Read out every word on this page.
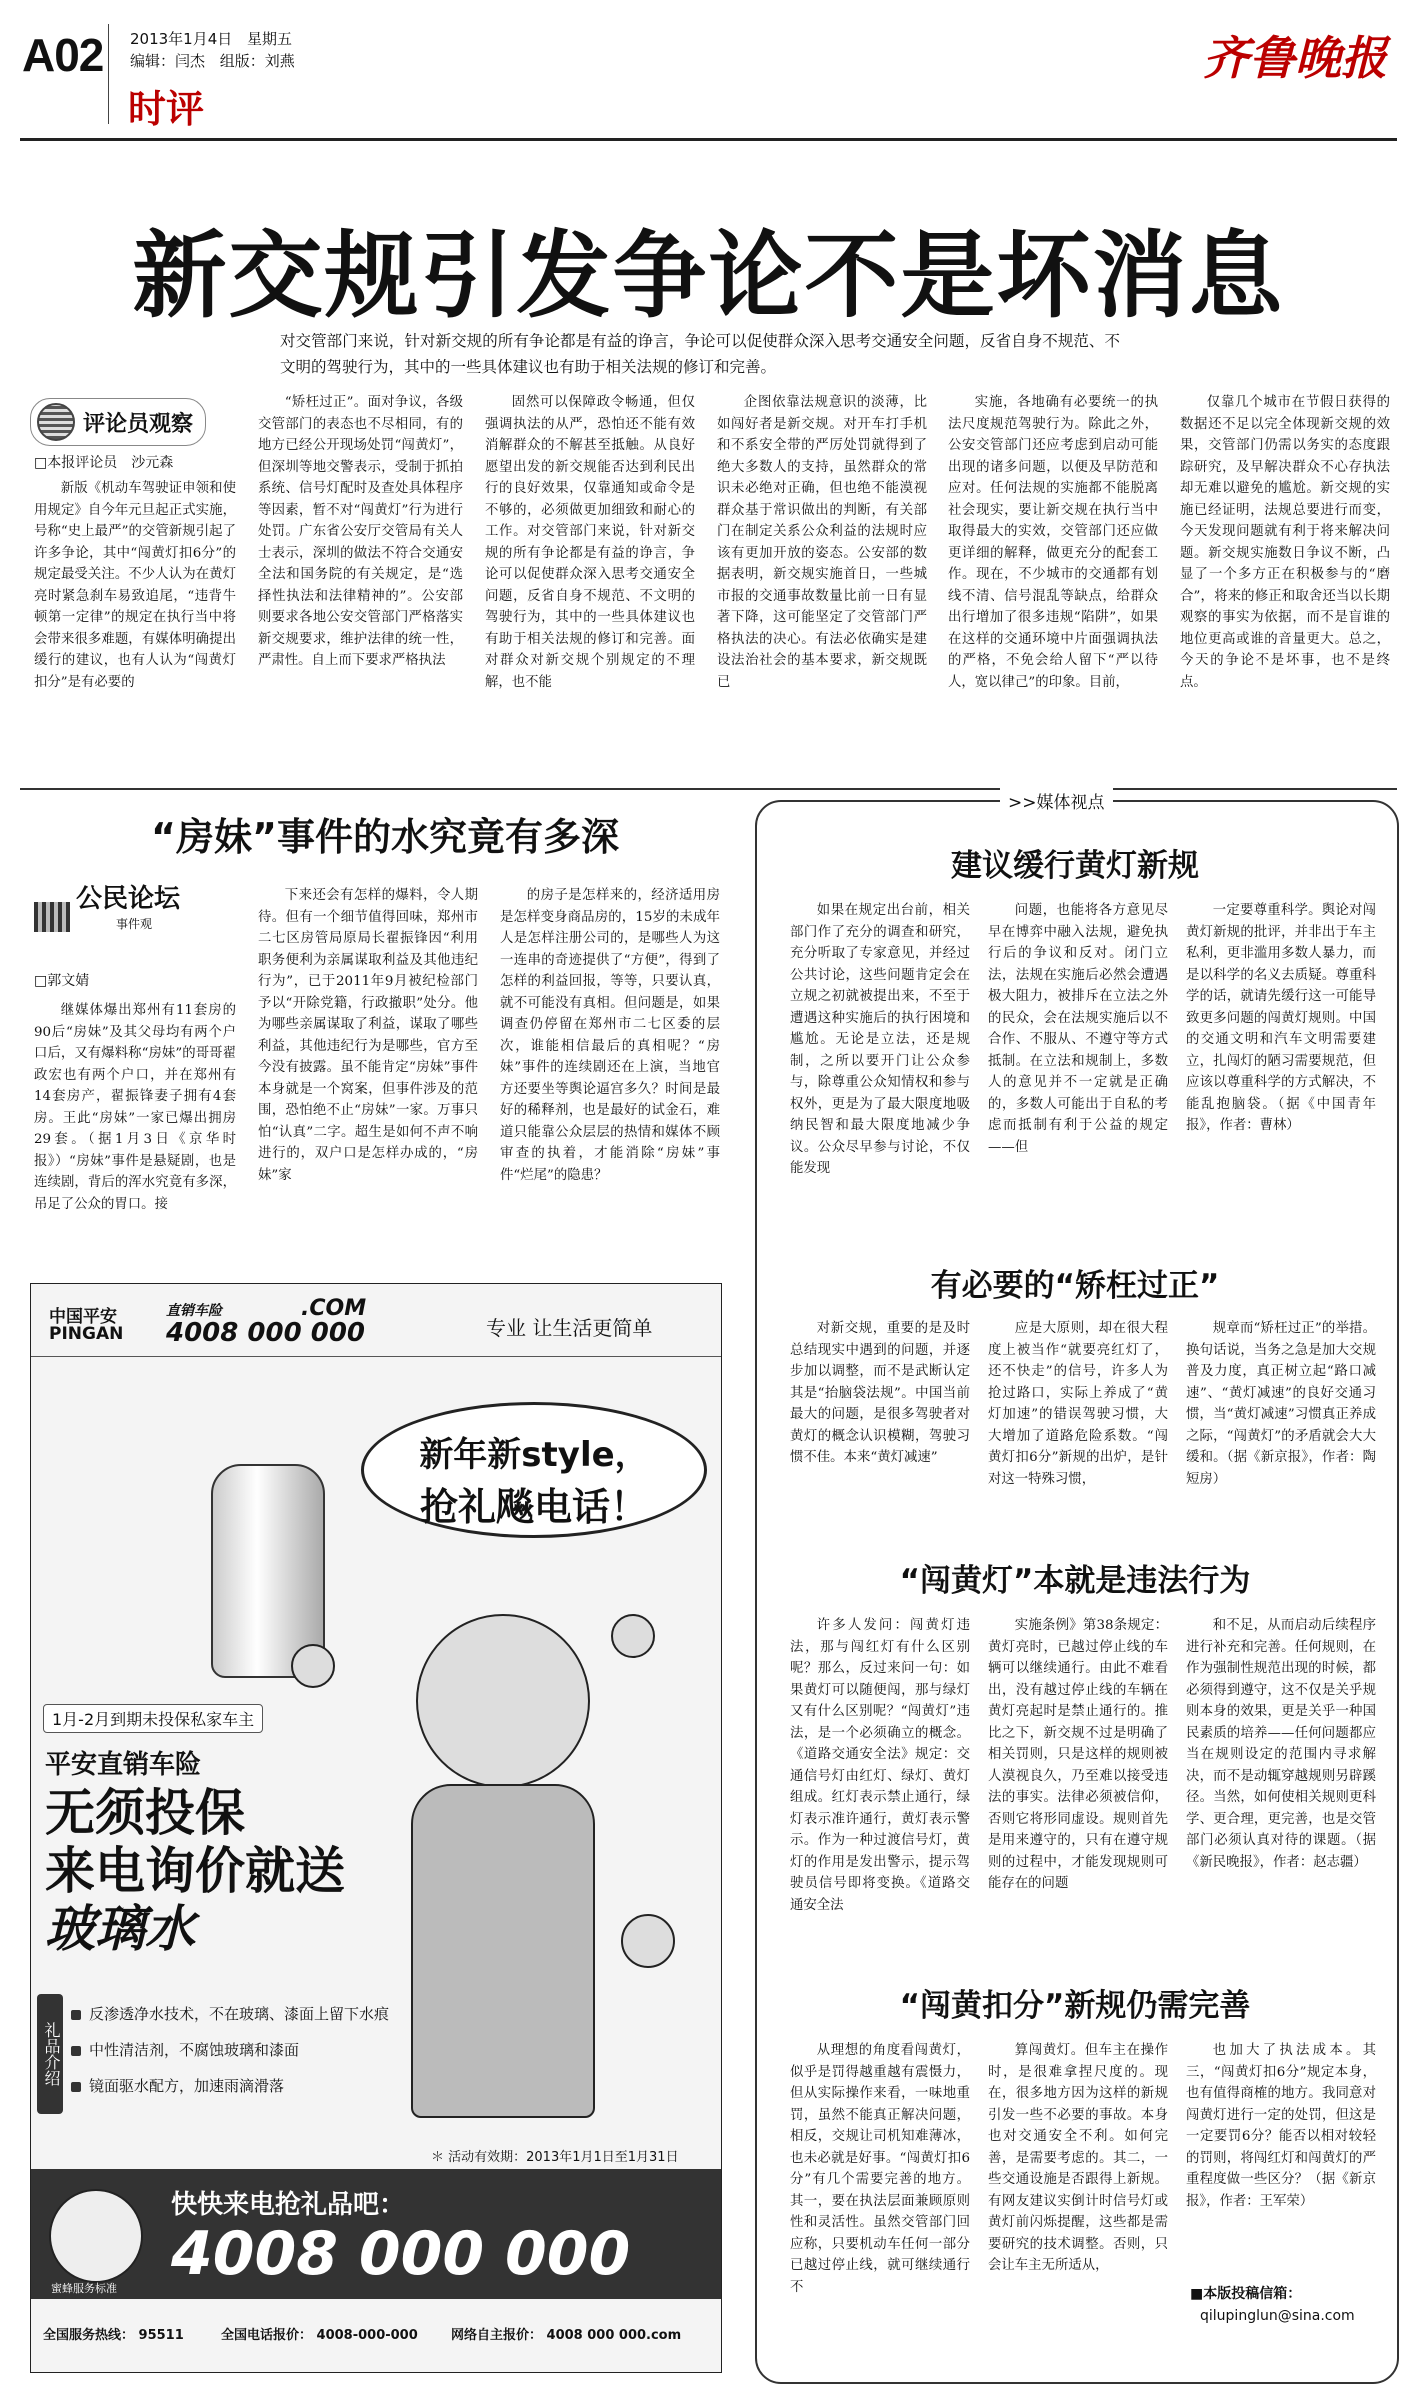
A02 2013年1月4日 星期五
编辑：闫杰 组版：刘燕
时评
齐鲁晚报
新交规引发争论不是坏消息
对交管部门来说，针对新交规的所有争论都是有益的诤言，争论可以促使群众深入思考交通安全问题，反省自身不规范、不文明的驾驶行为，其中的一些具体建议也有助于相关法规的修订和完善。
评论员观察
□本报评论员　沙元森

新版《机动车驾驶证申领和使用规定》自今年元旦起正式实施，号称“史上最严”的交管新规引起了许多争论，其中“闯黄灯扣6分”的规定最受关注。不少人认为在黄灯亮时紧急刹车易致追尾，“违背牛顿第一定律”的规定在执行当中将会带来很多难题，有媒体明确提出缓行的建议，也有人认为“闯黄灯扣分”是有必要的

“矫枉过正”。面对争议，各级交管部门的表态也不尽相同，有的地方已经公开现场处罚“闯黄灯”，但深圳等地交警表示，受制于抓拍系统、信号灯配时及查处具体程序等因素，暂不对“闯黄灯”行为进行处罚。广东省公安厅交管局有关人士表示，深圳的做法不符合交通安全法和国务院的有关规定，是“选择性执法和法律精神的”。公安部则要求各地公安交管部门严格落实新交规要求，维护法律的统一性，严肃性。自上而下要求严格执法

固然可以保障政令畅通，但仅强调执法的从严，恐怕还不能有效消解群众的不解甚至抵触。从良好愿望出发的新交规能否达到利民出行的良好效果，仅靠通知或命令是不够的，必须做更加细致和耐心的工作。对交管部门来说，针对新交规的所有争论都是有益的诤言，争论可以促使群众深入思考交通安全问题，反省自身不规范、不文明的驾驶行为，其中的一些具体建议也有助于相关法规的修订和完善。面对群众对新交规个别规定的不理解，也不能

企图依靠法规意识的淡薄，比如闯好者是新交规。对开车打手机和不系安全带的严厉处罚就得到了绝大多数人的支持，虽然群众的常识未必绝对正确，但也绝不能漠视群众基于常识做出的判断，有关部门在制定关系公众利益的法规时应该有更加开放的姿态。公安部的数据表明，新交规实施首日，一些城市报的交通事故数量比前一日有显著下降，这可能坚定了交管部门严格执法的决心。有法必依确实是建设法治社会的基本要求，新交规既已

实施，各地确有必要统一的执法尺度规范驾驶行为。除此之外，公安交管部门还应考虑到启动可能出现的诸多问题，以便及早防范和应对。任何法规的实施都不能脱离社会现实，要让新交规在执行当中取得最大的实效，交管部门还应做更详细的解释，做更充分的配套工作。现在，不少城市的交通都有划线不清、信号混乱等缺点，给群众出行增加了很多违规“陷阱”，如果在这样的交通环境中片面强调执法的严格，不免会给人留下“严以待人，宽以律己”的印象。目前，

仅靠几个城市在节假日获得的数据还不足以完全体现新交规的效果，交管部门仍需以务实的态度跟踪研究，及早解决群众不心存执法却无难以避免的尴尬。新交规的实施已经证明，法规总要进行而变，今天发现问题就有利于将来解决问题。新交规实施数日争议不断，凸显了一个多方正在积极参与的“磨合”，将来的修正和取舍还当以长期观察的事实为依据，而不是盲谁的地位更高或谁的音量更大。总之，今天的争论不是坏事，也不是终点。

“房妹”事件的水究竟有多深
公民论坛
事件观
□郭文婧

继媒体爆出郑州有11套房的90后“房妹”及其父母均有两个户口后，又有爆料称“房妹”的哥哥翟政宏也有两个户口，并在郑州有14套房产，翟振锋妻子拥有4套房。王此“房妹”一家已爆出拥房29套。（据1月3日《京华时报》）“房妹”事件是悬疑剧，也是连续剧，背后的浑水究竟有多深，吊足了公众的胃口。接

下来还会有怎样的爆料，令人期待。但有一个细节值得回味，郑州市二七区房管局原局长翟振锋因“利用职务便利为亲属谋取利益及其他违纪行为”，已于2011年9月被纪检部门予以“开除党籍，行政撤职”处分。他为哪些亲属谋取了利益，谋取了哪些利益，其他违纪行为是哪些，官方至今没有披露。虽不能肯定“房妹”事件本身就是一个窝案，但事件涉及的范围，恐怕绝不止“房妹”一家。万事只怕“认真”二字。超生是如何不声不响进行的，双户口是怎样办成的，“房妹”家

的房子是怎样来的，经济适用房是怎样变身商品房的，15岁的未成年人是怎样注册公司的，是哪些人为这一连串的奇迹提供了“方便”，得到了怎样的利益回报，等等，只要认真，就不可能没有真相。但问题是，如果调查仍停留在郑州市二七区委的层次，谁能相信最后的真相呢？“房妹”事件的连续剧还在上演，当地官方还要坐等舆论逼宫多久？时间是最好的稀释剂，也是最好的试金石，难道只能靠公众层层的热情和媒体不顾审查的执着，才能消除“房妹”事件“烂尾”的隐患？

>>媒体视点
建议缓行黄灯新规

如果在规定出台前，相关部门作了充分的调查和研究，充分听取了专家意见，并经过公共讨论，这些问题肯定会在立规之初就被提出来，不至于遭遇这种实施后的执行困境和尴尬。无论是立法，还是规制，之所以要开门让公众参与，除尊重公众知情权和参与权外，更是为了最大限度地吸纳民智和最大限度地减少争议。公众尽早参与讨论，不仅能发现

问题，也能将各方意见尽早在博弈中融入法规，避免执行后的争议和反对。闭门立法，法规在实施后必然会遭遇极大阻力，被排斥在立法之外的民众，会在法规实施后以不合作、不服从、不遵守等方式抵制。在立法和规制上，多数人的意见并不一定就是正确的，多数人可能出于自私的考虑而抵制有利于公益的规定——但

一定要尊重科学。舆论对闯黄灯新规的批评，并非出于车主私利，更非滥用多数人暴力，而是以科学的名义去质疑。尊重科学的话，就请先缓行这一可能导致更多问题的闯黄灯规则。中国的交通文明和汽车文明需要建立，扎闯灯的陋习需要规范，但应该以尊重科学的方式解决，不能乱抱脑袋。（据《中国青年报》，作者：曹林）

有必要的“矫枉过正”

对新交规，重要的是及时总结现实中遇到的问题，并逐步加以调整，而不是武断认定其是“抬脑袋法规”。中国当前最大的问题，是很多驾驶者对黄灯的概念认识模糊，驾驶习惯不佳。本来“黄灯减速”

应是大原则，却在很大程度上被当作“就要亮红灯了，还不快走”的信号，许多人为抢过路口，实际上养成了“黄灯加速”的错误驾驶习惯，大大增加了道路危险系数。“闯黄灯扣6分”新规的出炉，是针对这一特殊习惯，

规章而“矫枉过正”的举措。换句话说，当务之急是加大交规普及力度，真正树立起“路口减速”、“黄灯减速”的良好交通习惯，当“黄灯减速”习惯真正养成之际，“闯黄灯”的矛盾就会大大缓和。（据《新京报》，作者：陶短房）

“闯黄灯”本就是违法行为

许多人发问：闯黄灯违法，那与闯红灯有什么区别呢？那么，反过来问一句：如果黄灯可以随便闯，那与绿灯又有什么区别呢？“闯黄灯”违法，是一个必须确立的概念。《道路交通安全法》规定：交通信号灯由红灯、绿灯、黄灯组成。红灯表示禁止通行，绿灯表示准许通行，黄灯表示警示。作为一种过渡信号灯，黄灯的作用是发出警示，提示驾驶员信号即将变换。《道路交通安全法

实施条例》第38条规定：黄灯亮时，已越过停止线的车辆可以继续通行。由此不难看出，没有越过停止线的车辆在黄灯亮起时是禁止通行的。推比之下，新交规不过是明确了相关罚则，只是这样的规则被人漠视良久，乃至难以接受违法的事实。法律必须被信仰，否则它将形同虚设。规则首先是用来遵守的，只有在遵守规则的过程中，才能发现规则可能存在的问题

和不足，从而启动后续程序进行补充和完善。任何规则，在作为强制性规范出现的时候，都必须得到遵守，这不仅是关乎规则本身的效果，更是关乎一种国民素质的培养——任何问题都应当在规则设定的范围内寻求解决，而不是动辄穿越规则另辟蹊径。当然，如何使相关规则更科学、更合理，更完善，也是交管部门必须认真对待的课题。（据《新民晚报》，作者：赵志疆）

“闯黄扣分”新规仍需完善

从理想的角度看闯黄灯，似乎是罚得越重越有震慑力，但从实际操作来看，一味地重罚，虽然不能真正解决问题，相反，交规让司机知难薄冰，也未必就是好事。“闯黄灯扣6分”有几个需要完善的地方。其一，要在执法层面兼顾原则性和灵活性。虽然交管部门回应称，只要机动车任何一部分已越过停止线，就可继续通行不

算闯黄灯。但车主在操作时，是很难拿捏尺度的。现在，很多地方因为这样的新规引发一些不必要的事故。本身也对交通安全不利。如何完善，是需要考虑的。其二，一些交通设施是否跟得上新规。有网友建议实倒计时信号灯或黄灯前闪烁提醒，这些都是需要研究的技术调整。否则，只会让车主无所适从，

也加大了执法成本。其三，“闯黄灯扣6分”规定本身，也有值得商榷的地方。我同意对闯黄灯进行一定的处罚，但这是一定要罚6分？能否以相对较轻的罚则，将闯红灯和闯黄灯的严重程度做一些区分？（据《新京报》，作者：王军荣）

■本版投稿信箱：
qilupinglun@sina.com
中国平安
PINGAN
直销车险
4008 000 000
.COM
专业 让生活更简单
新年新style，
抢礼飚电话！
1月-2月到期未投保私家车主
平安直销车险
无须投保
来电询价就送
玻璃水
礼品介绍
反渗透净水技术，不在玻璃、漆面上留下水痕
中性清洁剂，不腐蚀玻璃和漆面
镜面驱水配方，加速雨滴滑落
＊ 活动有效期：2013年1月1日至1月31日
蜜蜂服务标准
快快来电抢礼品吧：
4008 000 000
全国服务热线： 95511	全国电话报价： 4008-000-000	网络自主报价： 4008 000 000.com
